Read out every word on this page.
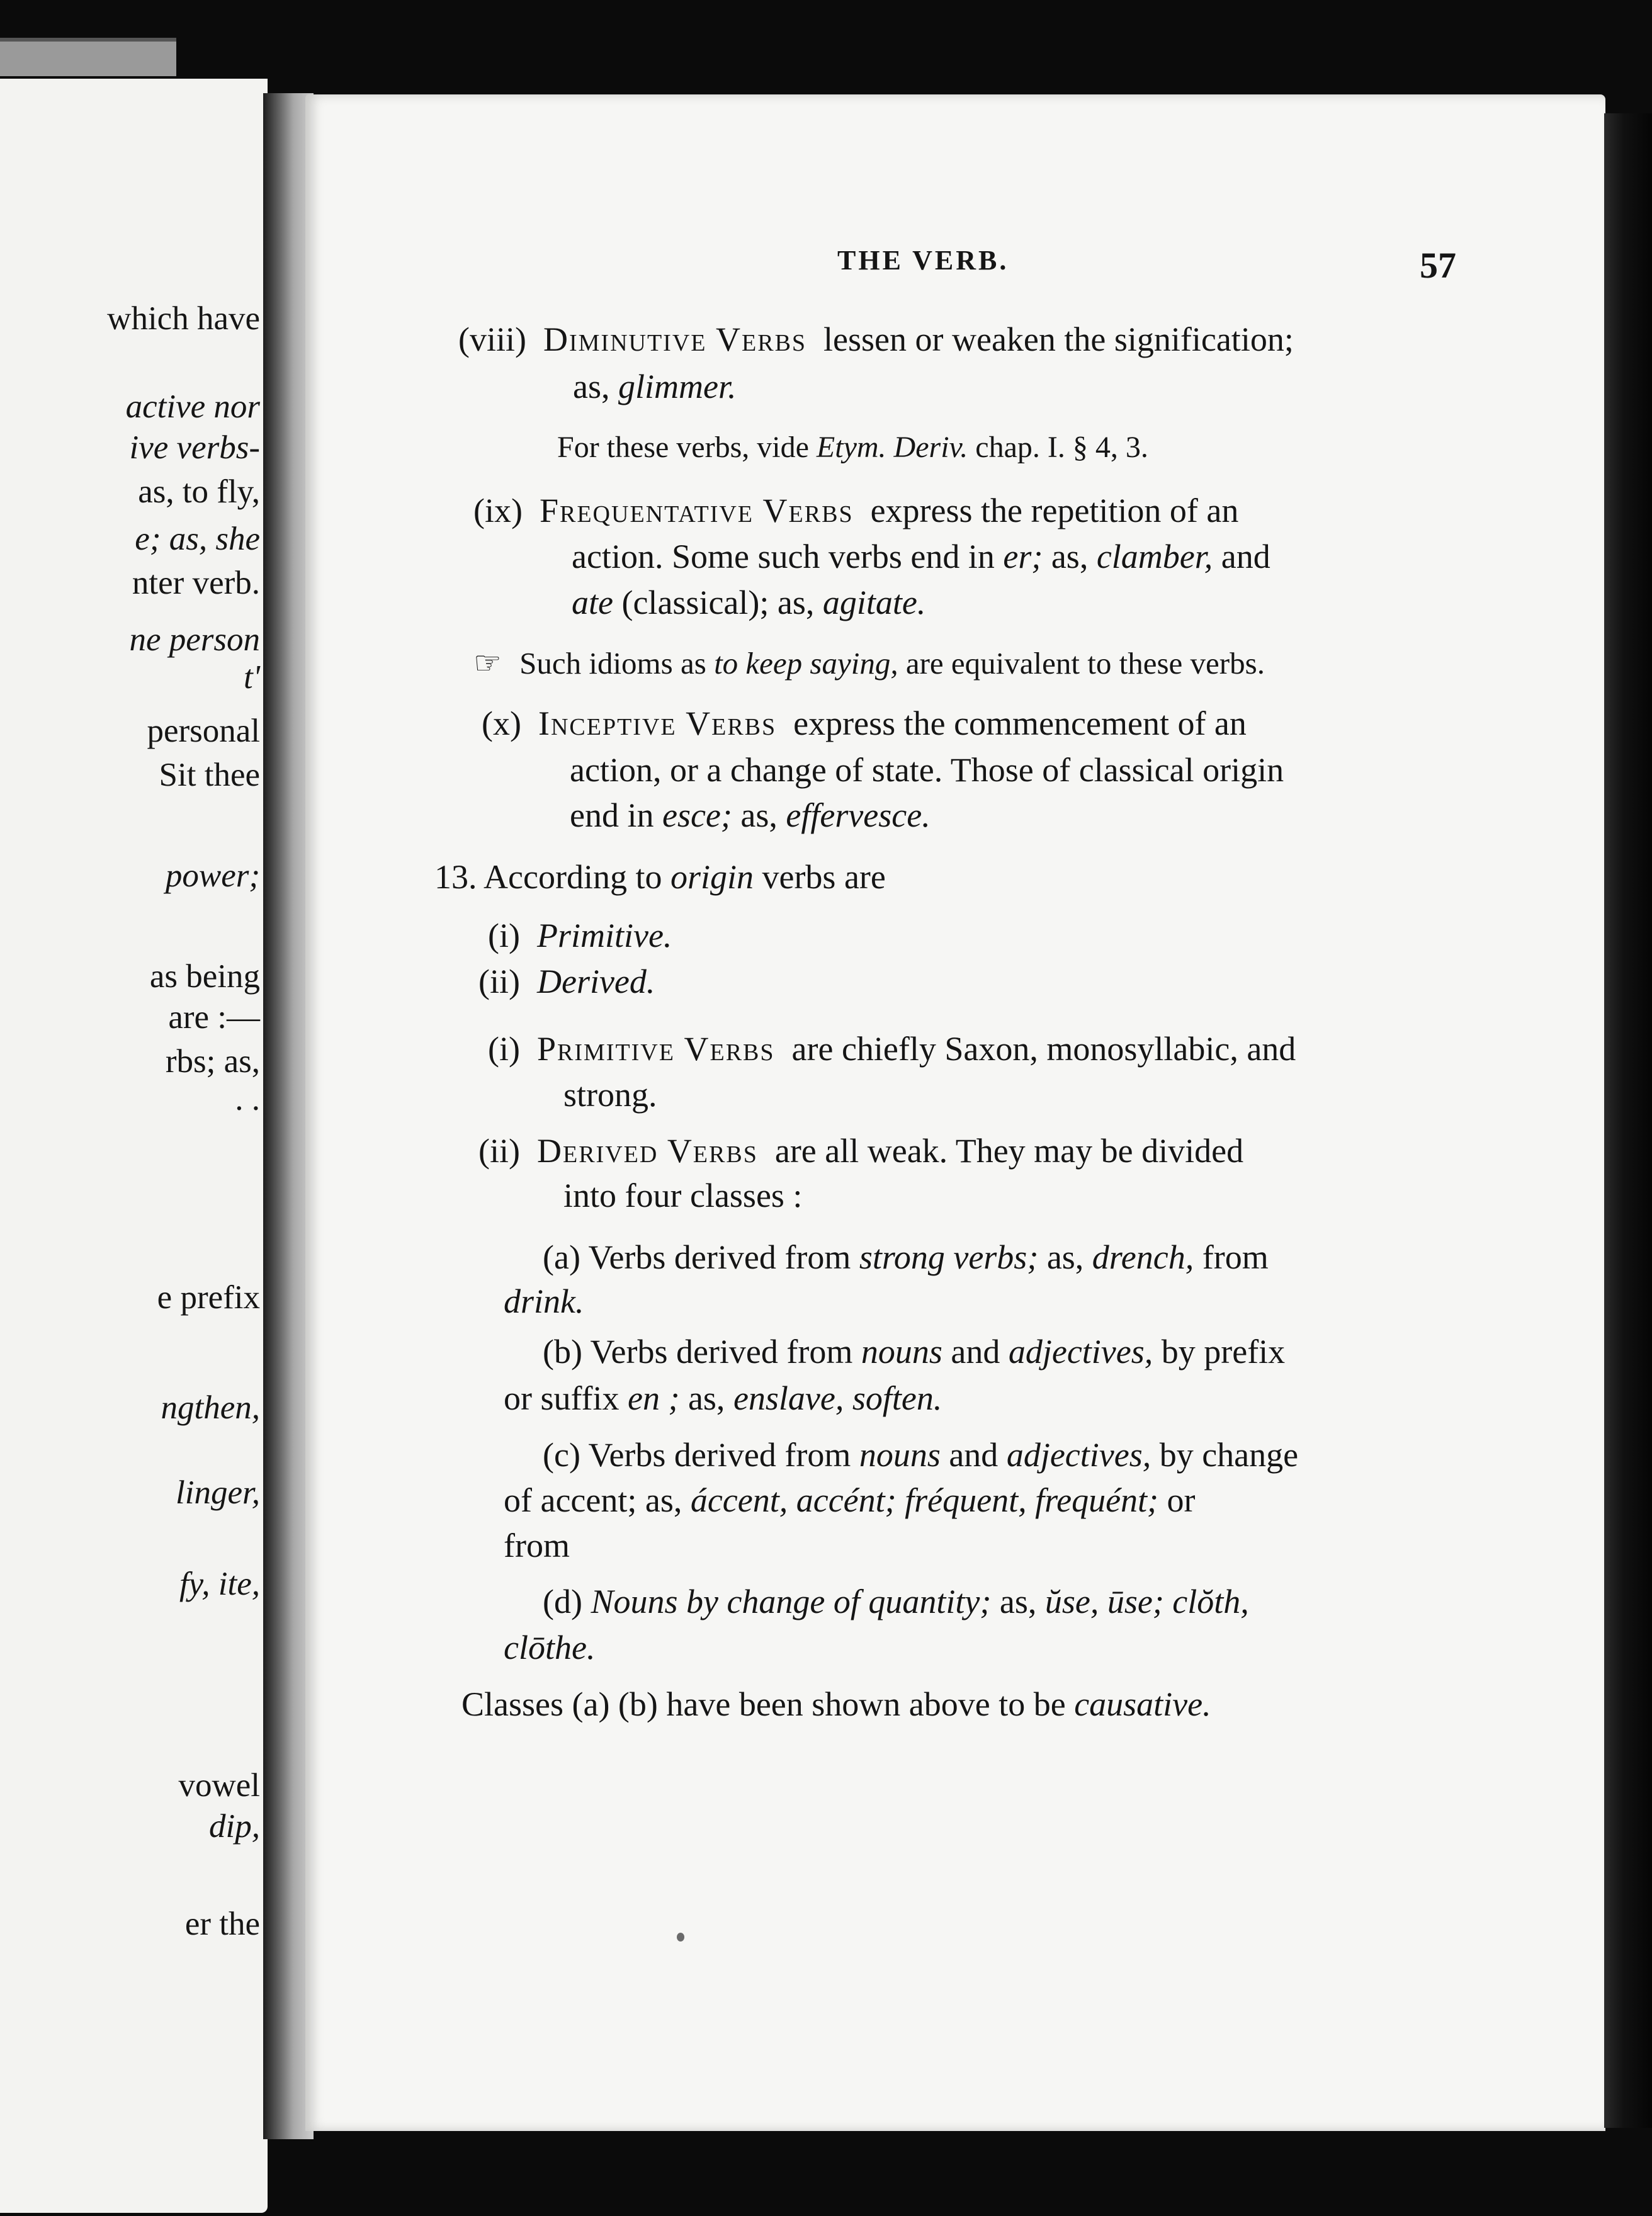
which have
active nor
ive verbs-
as, to fly,
e; as, she
nter verb.
ne person
t'
personal
Sit thee
power;
as being
are :—
rbs; as,
. .
e prefix
ngthen,
linger,
fy, ite,
vowel
dip,
er the
THE VERB.	57
(viii) Diminutive Verbs lessen or weaken the signification;
as, glimmer.
For these verbs, vide Etym. Deriv. chap. I. § 4, 3.
(ix) Frequentative Verbs express the repetition of an
action. Some such verbs end in er; as, clamber, and
ate (classical); as, agitate.
☞ Such idioms as to keep saying, are equivalent to these verbs.
(x) Inceptive Verbs express the commencement of an
action, or a change of state. Those of classical origin
end in esce; as, effervesce.
13. According to origin verbs are
(i) Primitive.
(ii) Derived.
(i) Primitive Verbs are chiefly Saxon, monosyllabic, and
strong.
(ii) Derived Verbs are all weak. They may be divided
into four classes :
(a) Verbs derived from strong verbs; as, drench, from
drink.
(b) Verbs derived from nouns and adjectives, by prefix
or suffix en ; as, enslave, soften.
(c) Verbs derived from nouns and adjectives, by change
of accent; as, áccent, accént; fréquent, frequént; or
from
(d) Nouns by change of quantity; as, ŭse, ūse; clŏth,
clōthe.
Classes (a) (b) have been shown above to be causative.
